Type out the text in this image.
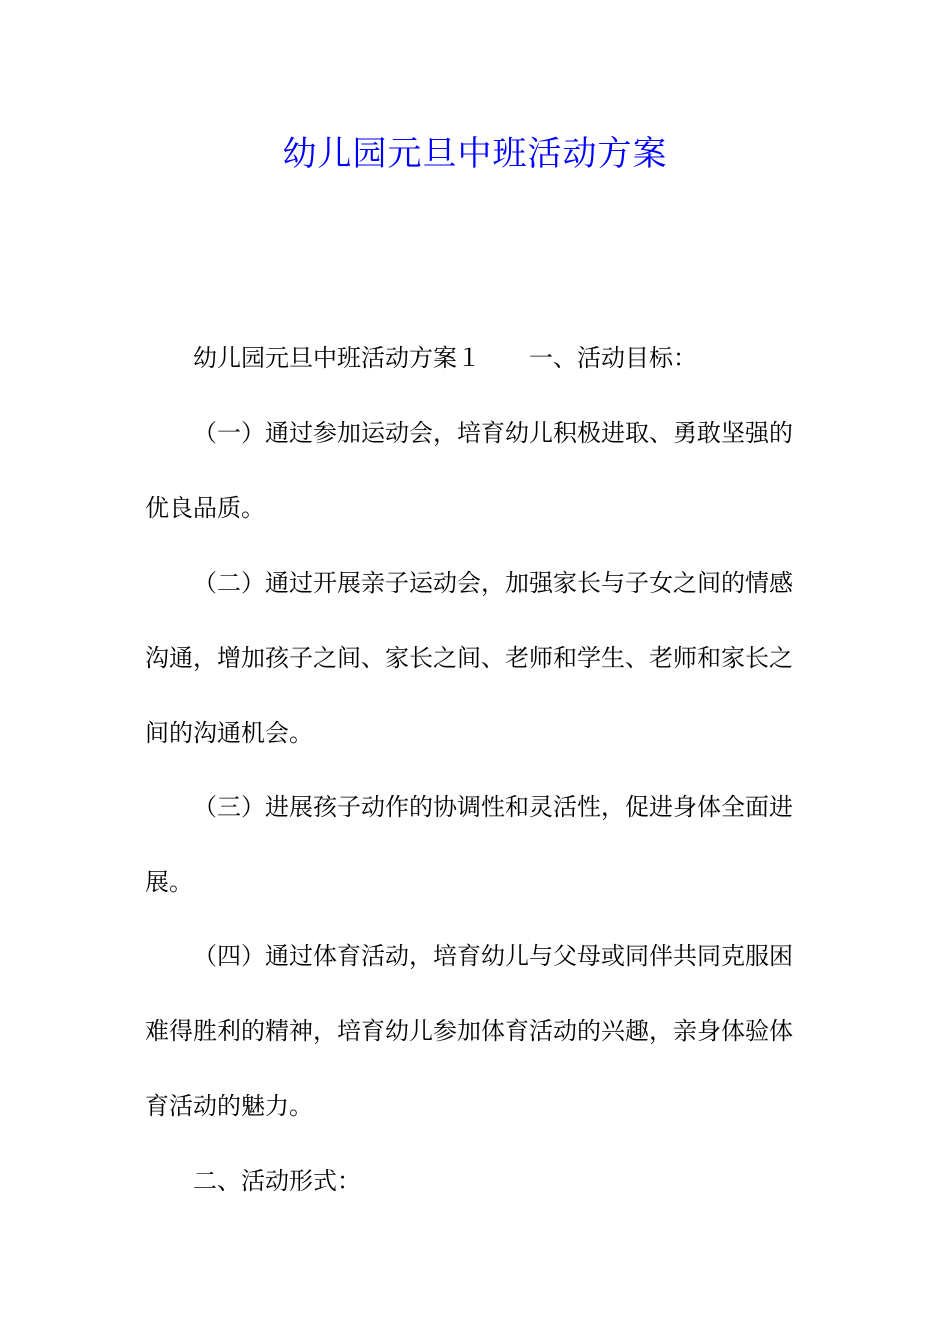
幼儿园元旦中班活动方案

幼儿园元旦中班活动方案１ 一、活动目标：

（一）通过参加运动会，培育幼儿积极进取、勇敢坚强的

优良品质。

（二）通过开展亲子运动会，加强家长与子女之间的情感

沟通，增加孩子之间、家长之间、老师和学生、老师和家长之

间的沟通机会。

（三）进展孩子动作的协调性和灵活性，促进身体全面进

展。

（四）通过体育活动，培育幼儿与父母或同伴共同克服困

难得胜利的精神，培育幼儿参加体育活动的兴趣，亲身体验体

育活动的魅力。

二、活动形式：
